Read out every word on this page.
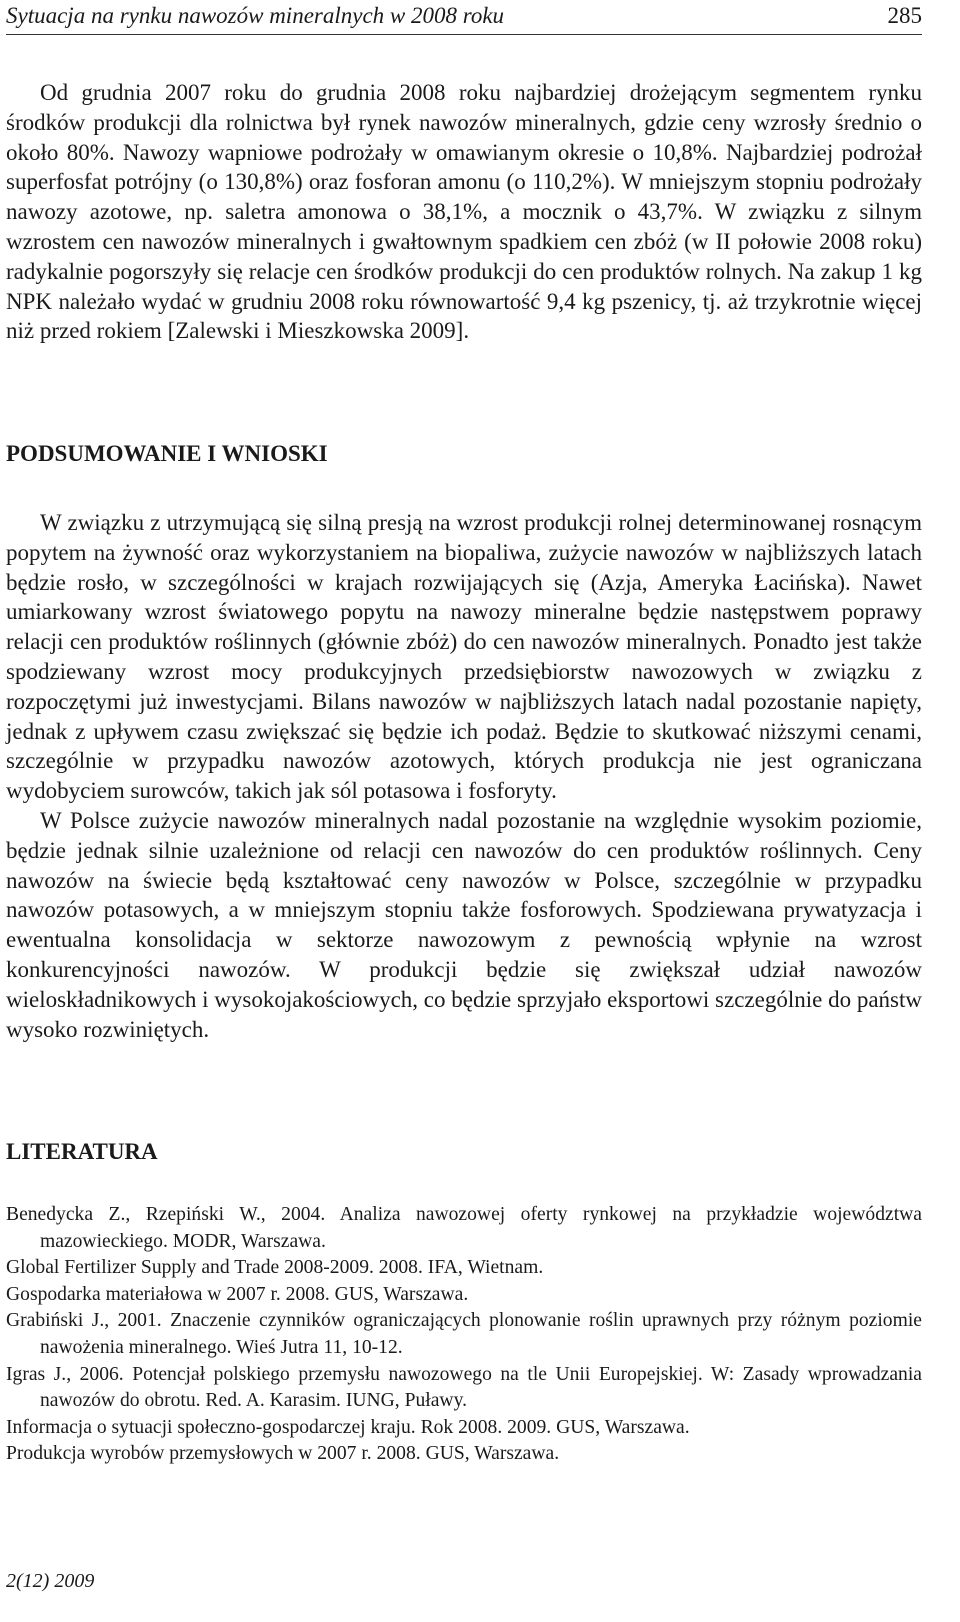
Sytuacja na rynku nawozów mineralnych w 2008 roku	285

Od grudnia 2007 roku do grudnia 2008 roku najbardziej drożejącym segmentem rynku środków produkcji dla rolnictwa był rynek nawozów mineralnych, gdzie ceny wzrosły średnio o około 80%. Nawozy wapniowe podrożały w omawianym okresie o 10,8%. Najbardziej podrożał superfosfat potrójny (o 130,8%) oraz fosforan amonu (o 110,2%). W mniejszym stopniu podrożały nawozy azotowe, np. saletra amonowa o 38,1%, a mocznik o 43,7%. W związku z silnym wzrostem cen nawozów mineralnych i gwałtownym spadkiem cen zbóż (w II połowie 2008 roku) radykalnie pogorszyły się relacje cen środków produkcji do cen produktów rolnych. Na zakup 1 kg NPK należało wydać w grudniu 2008 roku równowartość 9,4 kg pszenicy, tj. aż trzykrotnie więcej niż przed rokiem [Zalewski i Mieszkowska 2009].

PODSUMOWANIE I WNIOSKI

W związku z utrzymującą się silną presją na wzrost produkcji rolnej determinowanej rosnącym popytem na żywność oraz wykorzystaniem na biopaliwa, zużycie nawozów w najbliższych latach będzie rosło, w szczególności w krajach rozwijających się (Azja, Ameryka Łacińska). Nawet umiarkowany wzrost światowego popytu na nawozy mineralne będzie następstwem poprawy relacji cen produktów roślinnych (głównie zbóż) do cen nawozów mineralnych. Ponadto jest także spodziewany wzrost mocy produkcyjnych przedsiębiorstw nawozowych w związku z rozpoczętymi już inwestycjami. Bilans nawozów w najbliższych latach nadal pozostanie napięty, jednak z upływem czasu zwiększać się będzie ich podaż. Będzie to skutkować niższymi cenami, szczególnie w przypadku nawozów azotowych, których produkcja nie jest ograniczana wydobyciem surowców, takich jak sól potasowa i fosforyty.

W Polsce zużycie nawozów mineralnych nadal pozostanie na względnie wysokim poziomie, będzie jednak silnie uzależnione od relacji cen nawozów do cen produktów roślinnych. Ceny nawozów na świecie będą kształtować ceny nawozów w Polsce, szczególnie w przypadku nawozów potasowych, a w mniejszym stopniu także fosforowych. Spodziewana prywatyzacja i ewentualna konsolidacja w sektorze nawozowym z pewnością wpłynie na wzrost konkurencyjności nawozów. W produkcji będzie się zwiększał udział nawozów wieloskładnikowych i wysokojakościowych, co będzie sprzyjało eksportowi szczególnie do państw wysoko rozwiniętych.

LITERATURA
Benedycka Z., Rzepiński W., 2004. Analiza nawozowej oferty rynkowej na przykładzie województwa mazowieckiego. MODR, Warszawa.
Global Fertilizer Supply and Trade 2008-2009. 2008. IFA, Wietnam.
Gospodarka materiałowa w 2007 r. 2008. GUS, Warszawa.
Grabiński J., 2001. Znaczenie czynników ograniczających plonowanie roślin uprawnych przy różnym poziomie nawożenia mineralnego. Wieś Jutra 11, 10-12.
Igras J., 2006. Potencjał polskiego przemysłu nawozowego na tle Unii Europejskiej. W: Zasady wprowadzania nawozów do obrotu. Red. A. Karasim. IUNG, Puławy.
Informacja o sytuacji społeczno-gospodarczej kraju. Rok 2008. 2009. GUS, Warszawa.
Produkcja wyrobów przemysłowych w 2007 r. 2008. GUS, Warszawa.
2(12) 2009
